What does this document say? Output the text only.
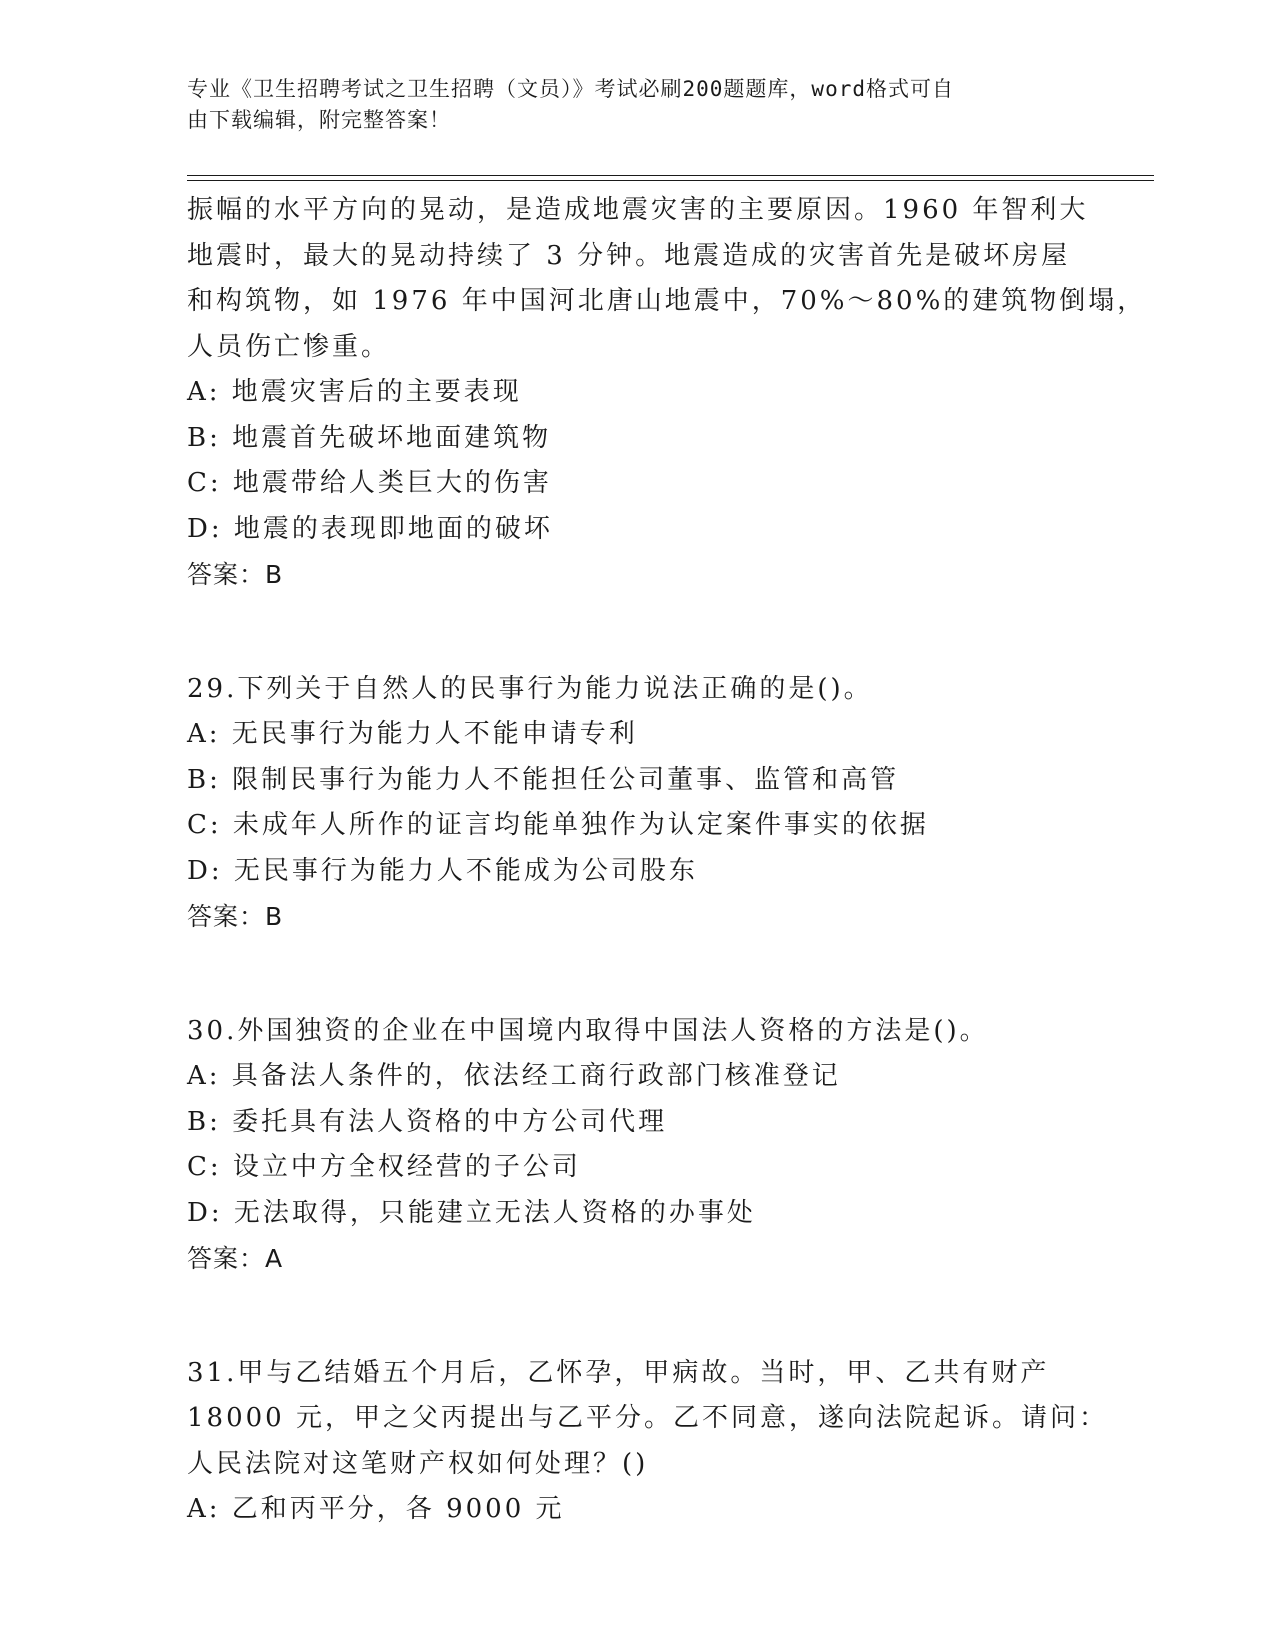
专业《卫生招聘考试之卫生招聘（文员）》考试必刷200题题库，word格式可自
由下载编辑，附完整答案！
振幅的水平方向的晃动，是造成地震灾害的主要原因。1960 年智利大
地震时，最大的晃动持续了 3 分钟。地震造成的灾害首先是破坏房屋
和构筑物，如 1976 年中国河北唐山地震中，70%～80%的建筑物倒塌，
人员伤亡惨重。
A: 地震灾害后的主要表现
B: 地震首先破坏地面建筑物
C: 地震带给人类巨大的伤害
D: 地震的表现即地面的破坏
答案：B
29.下列关于自然人的民事行为能力说法正确的是()。
A: 无民事行为能力人不能申请专利
B: 限制民事行为能力人不能担任公司董事、监管和高管
C: 未成年人所作的证言均能单独作为认定案件事实的依据
D: 无民事行为能力人不能成为公司股东
答案：B
30.外国独资的企业在中国境内取得中国法人资格的方法是()。
A: 具备法人条件的，依法经工商行政部门核准登记
B: 委托具有法人资格的中方公司代理
C: 设立中方全权经营的子公司
D: 无法取得，只能建立无法人资格的办事处
答案：A
31.甲与乙结婚五个月后，乙怀孕，甲病故。当时，甲、乙共有财产
18000 元，甲之父丙提出与乙平分。乙不同意，遂向法院起诉。请问：
人民法院对这笔财产权如何处理？()
A: 乙和丙平分，各 9000 元
